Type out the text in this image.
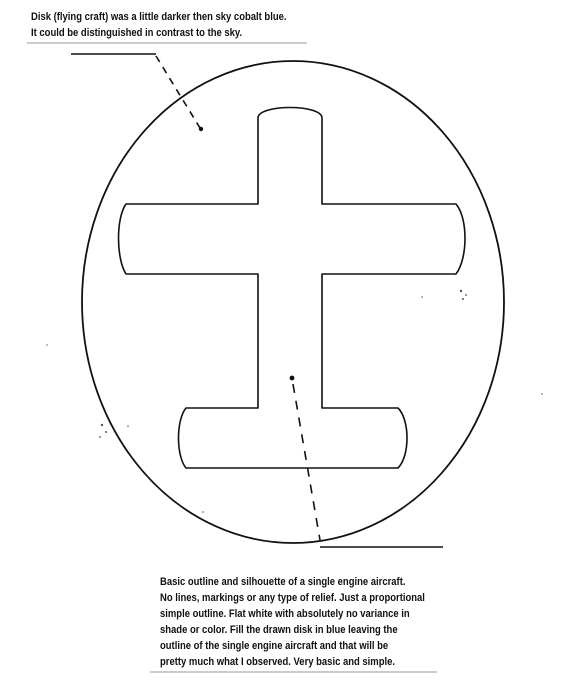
Disk (flying craft) was a little darker then sky cobalt blue.
It could be distinguished in contrast to the sky.
Basic outline and silhouette of a single engine aircraft.
No lines, markings or any type of relief. Just a proportional
simple outline. Flat white with absolutely no variance in
shade or color. Fill the drawn disk in blue leaving the
outline of the single engine aircraft and that will be
pretty much what I observed. Very basic and simple.
